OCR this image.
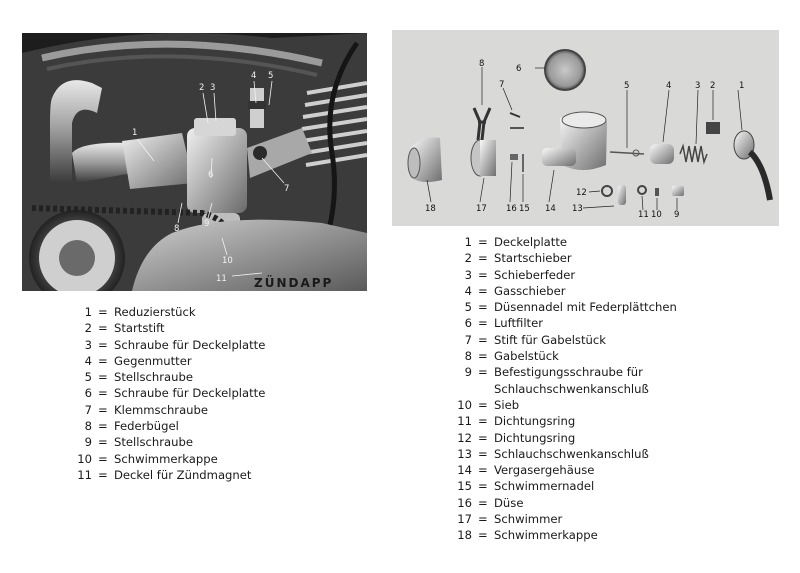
ZÜNDAPP
1
2 3
4 5
6
7
8	9
10
11
1
2
3
4
5
6
7
8
9
10
11
12
13
14
15
16
17
18
1 = Reduzierstück
2 = Startstift
3 = Schraube für Deckelplatte
4 = Gegenmutter
5 = Stellschraube
6 = Schraube für Deckelplatte
7 = Klemmschraube
8 = Federbügel
9 = Stellschraube
10 = Schwimmerkappe
11 = Deckel für Zündmagnet
1 = Deckelplatte
2 = Startschieber
3 = Schieberfeder
4 = Gasschieber
5 = Düsennadel mit Federplättchen
6 = Luftfilter
7 = Stift für Gabelstück
8 = Gabelstück
9 = Befestigungsschraube für Schlauchschwenkanschluß
10 = Sieb
11 = Dichtungsring
12 = Dichtungsring
13 = Schlauchschwenkanschluß
14 = Vergasergehäuse
15 = Schwimmernadel
16 = Düse
17 = Schwimmer
18 = Schwimmerkappe
